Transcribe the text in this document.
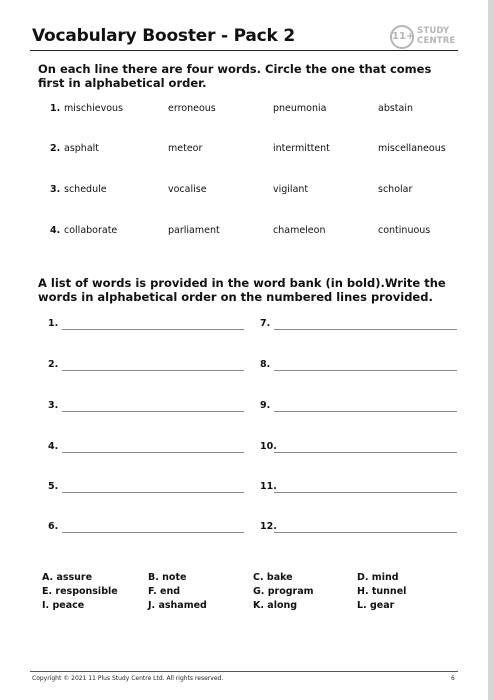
Vocabulary Booster - Pack 2	11+ STUDY
CENTRE
On each line there are four words. Circle the one that comes first in alphabetical order.
1. mischievous	erroneous	pneumonia	abstain
2. asphalt	meteor	intermittent	miscellaneous
3. schedule	vocalise	vigilant	scholar
4. collaborate	parliament	chameleon	continuous
A list of words is provided in the word bank (in bold).Write the words in alphabetical order on the numbered lines provided.
1.
2.
3.
4.
5.
6.
7.
8.
9.
10.
11.
12.
A. assure	B. note	C. bake	D. mind
E. responsible	F. end	G. program	H. tunnel
I. peace	J. ashamed	K. along	L. gear
Copyright © 2021 11 Plus Study Centre Ltd. All rights reserved.	6
